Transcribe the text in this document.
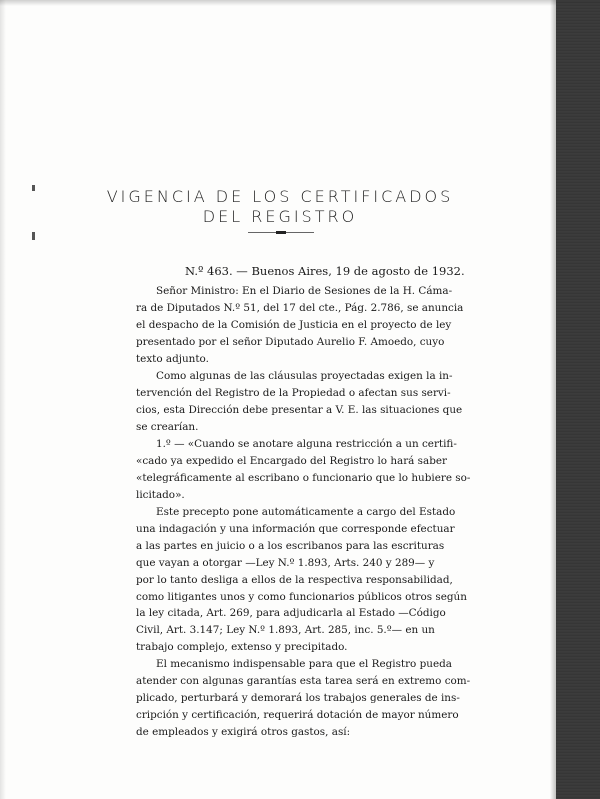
VIGENCIA DE LOS CERTIFICADOS
DEL REGISTRO
N.º 463. — Buenos Aires, 19 de agosto de 1932.
Señor Ministro: En el Diario de Sesiones de la H. Cáma-
ra de Diputados N.º 51, del 17 del cte., Pág. 2.786, se anuncia
el despacho de la Comisión de Justicia en el proyecto de ley
presentado por el señor Diputado Aurelio F. Amoedo, cuyo
texto adjunto.
Como algunas de las cláusulas proyectadas exigen la in-
tervención del Registro de la Propiedad o afectan sus servi-
cios, esta Dirección debe presentar a V. E. las situaciones que
se crearían.
1.º — «Cuando se anotare alguna restricción a un certifi-
«cado ya expedido el Encargado del Registro lo hará saber
«telegráficamente al escribano o funcionario que lo hubiere so-
licitado».
Este precepto pone automáticamente a cargo del Estado
una indagación y una información que corresponde efectuar
a las partes en juicio o a los escribanos para las escrituras
que vayan a otorgar —Ley N.º 1.893, Arts. 240 y 289— y
por lo tanto desliga a ellos de la respectiva responsabilidad,
como litigantes unos y como funcionarios públicos otros según
la ley citada, Art. 269, para adjudicarla al Estado —Código
Civil, Art. 3.147; Ley N.º 1.893, Art. 285, inc. 5.º— en un
trabajo complejo, extenso y precipitado.
El mecanismo indispensable para que el Registro pueda
atender con algunas garantías esta tarea será en extremo com-
plicado, perturbará y demorará los trabajos generales de ins-
cripción y certificación, requerirá dotación de mayor número
de empleados y exigirá otros gastos, así:
